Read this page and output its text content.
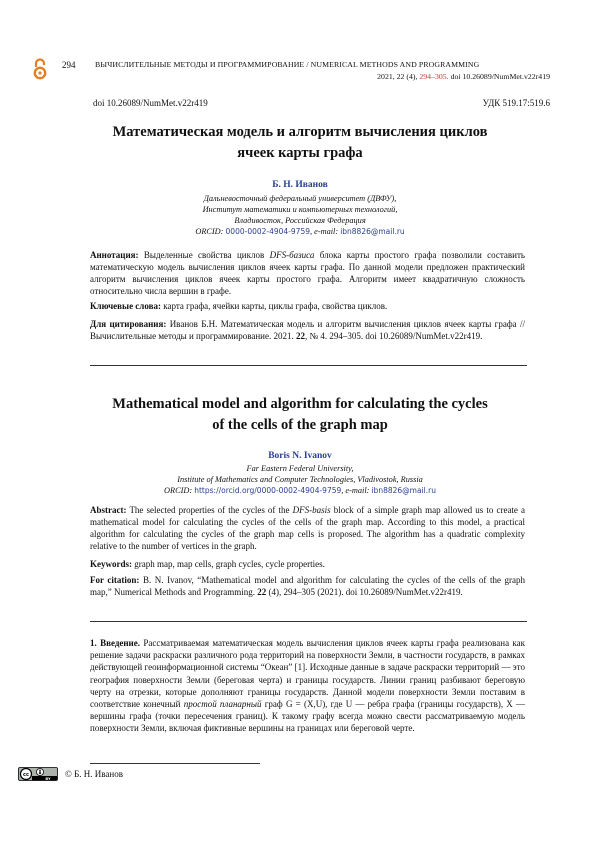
294	ВЫЧИСЛИТЕЛЬНЫЕ МЕТОДЫ И ПРОГРАММИРОВАНИЕ / NUMERICAL METHODS AND PROGRAMMING
2021, 22 (4), 294–305. doi 10.26089/NumMet.v22r419
doi 10.26089/NumMet.v22r419	УДК 519.17:519.6
Математическая модель и алгоритм вычисления циклов
ячеек карты графа
Б. Н. Иванов
Дальневосточный федеральный университет (ДВФУ),
Институт математики и компьютерных технологий,
Владивосток, Российская Федерация
ORCID: 0000-0002-4904-9759, e-mail: ibn8826@mail.ru
Аннотация: Выделенные свойства циклов DFS-базиса блока карты простого графа позволили составить математическую модель вычисления циклов ячеек карты графа. По данной модели предложен практический алгоритм вычисления циклов ячеек карты простого графа. Алгоритм имеет квадратичную сложность относительно числа вершин в графе.
Ключевые слова: карта графа, ячейки карты, циклы графа, свойства циклов.
Для цитирования: Иванов Б.Н. Математическая модель и алгоритм вычисления циклов ячеек карты графа // Вычислительные методы и программирование. 2021. 22, № 4. 294–305. doi 10.26089/NumMet.v22r419.
Mathematical model and algorithm for calculating the cycles
of the cells of the graph map
Boris N. Ivanov
Far Eastern Federal University,
Institute of Mathematics and Computer Technologies, Vladivostok, Russia
ORCID: https://orcid.org/0000-0002-4904-9759, e-mail: ibn8826@mail.ru
Abstract: The selected properties of the cycles of the DFS-basis block of a simple graph map allowed us to create a mathematical model for calculating the cycles of the cells of the graph map. According to this model, a practical algorithm for calculating the cycles of the graph map cells is proposed. The algorithm has a quadratic complexity relative to the number of vertices in the graph.
Keywords: graph map, map cells, graph cycles, cycle properties.
For citation: B. N. Ivanov, “Mathematical model and algorithm for calculating the cycles of the cells of the graph map,” Numerical Methods and Programming. 22 (4), 294–305 (2021). doi 10.26089/NumMet.v22r419.
1. Введение. Рассматриваемая математическая модель вычисления циклов ячеек карты графа реализована как решение задачи раскраски различного рода территорий на поверхности Земли, в частности государств, в рамках действующей геоинформационной системы “Океан” [1]. Исходные данные в задаче раскраски территорий — это география поверхности Земли (береговая черта) и границы государств. Линии границ разбивают береговую черту на отрезки, которые дополняют границы государств. Данной модели поверхности Земли поставим в соответствие конечный простой планарный граф G = (X,U), где U — ребра графа (границы государств), X — вершины графа (точки пересечения границ). К такому графу всегда можно свести рассматриваемую модель поверхности Земли, включая фиктивные вершины на границах или береговой черте.
cc
BY © Б. Н. Иванов
